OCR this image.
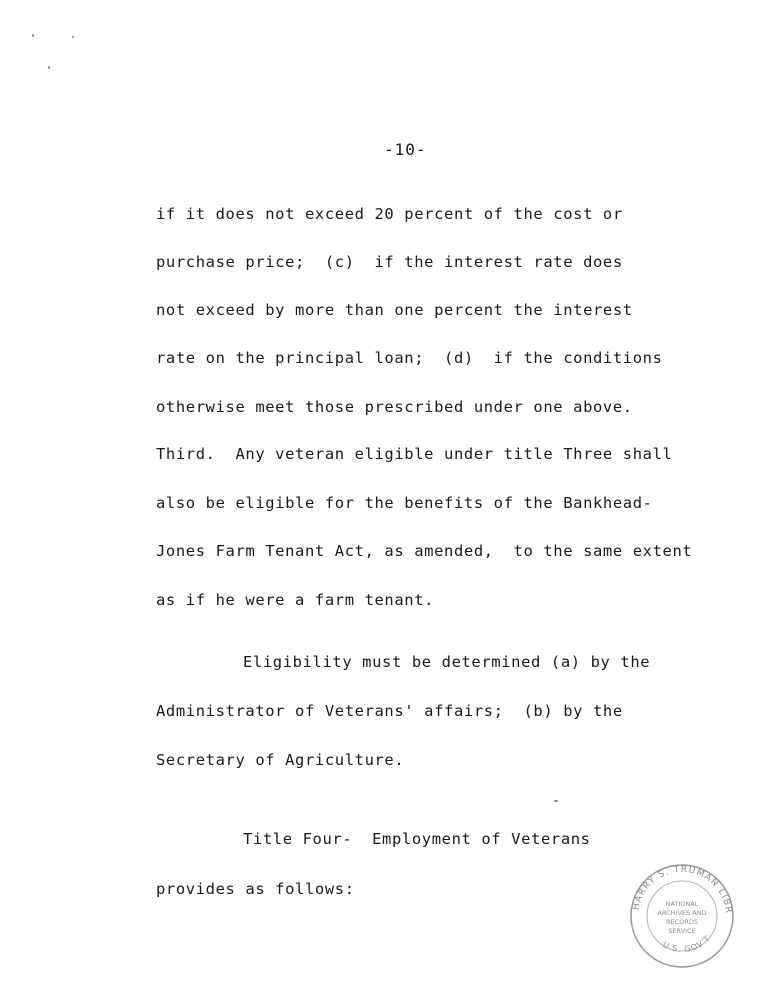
-10-
if it does not exceed 20 percent of the cost or
purchase price;  (c)  if the interest rate does
not exceed by more than one percent the interest
rate on the principal loan;  (d)  if the conditions
otherwise meet those prescribed under one above.
Third.  Any veteran eligible under title Three shall
also be eligible for the benefits of the Bankhead-
Jones Farm Tenant Act, as amended,  to the same extent
as if he were a farm tenant.
Eligibility must be determined (a) by the
Administrator of Veterans' affairs;  (b) by the
Secretary of Agriculture.
Title Four-  Employment of Veterans
provides as follows:
HARRY S. TRUMAN LIBR
U.S. GOV'T
NATIONAL
ARCHIVES AND
RECORDS
SERVICE
